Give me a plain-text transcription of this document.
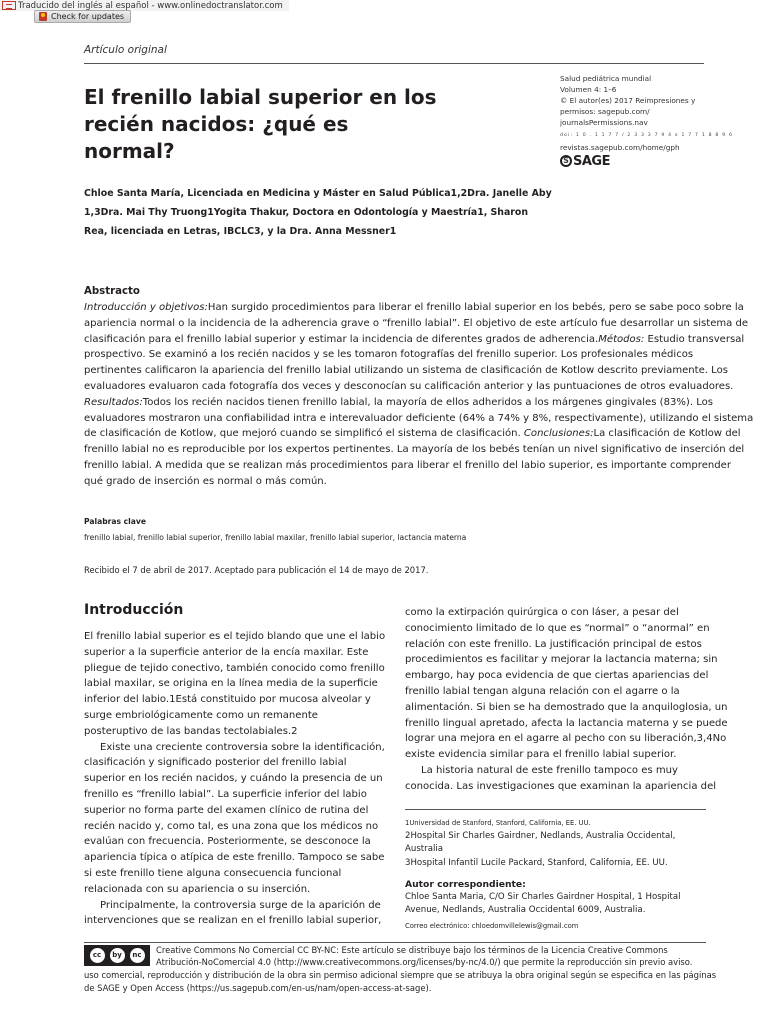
Traducido del inglés al español - www.onlinedoctranslator.com
Check for updates
Artículo original
El frenillo labial superior en los
recién nacidos: ¿qué es normal?
Salud pediátrica mundial
Volumen 4: 1–6
© El autor(es) 2017 Reimpresiones y
permisos: sagepub.com/
journalsPermissions.nav
doi: 1 0 . 1 1 7 7 / 2 3 3 3 7 9 4 x 1 7 7 1 8 8 9 6
revistas.sagepub.com/home/gph
S SAGE
Chloe Santa María, Licenciada en Medicina y Máster en Salud Pública1,2Dra. Janelle Aby
1,3Dra. Mai Thy Truong1Yogita Thakur, Doctora en Odontología y Maestría1, Sharon
Rea, licenciada en Letras, IBCLC3, y la Dra. Anna Messner1
Abstracto
Introducción y objetivos:Han surgido procedimientos para liberar el frenillo labial superior en los bebés, pero se sabe poco sobre la
apariencia normal o la incidencia de la adherencia grave o “frenillo labial”. El objetivo de este artículo fue desarrollar un sistema de
clasificación para el frenillo labial superior y estimar la incidencia de diferentes grados de adherencia.Métodos: Estudio transversal
prospectivo. Se examinó a los recién nacidos y se les tomaron fotografías del frenillo superior. Los profesionales médicos
pertinentes calificaron la apariencia del frenillo labial utilizando un sistema de clasificación de Kotlow descrito previamente. Los
evaluadores evaluaron cada fotografía dos veces y desconocían su calificación anterior y las puntuaciones de otros evaluadores.
Resultados:Todos los recién nacidos tienen frenillo labial, la mayoría de ellos adheridos a los márgenes gingivales (83%). Los
evaluadores mostraron una confiabilidad intra e interevaluador deficiente (64% a 74% y 8%, respectivamente), utilizando el sistema
de clasificación de Kotlow, que mejoró cuando se simplificó el sistema de clasificación. Conclusiones:La clasificación de Kotlow del
frenillo labial no es reproducible por los expertos pertinentes. La mayoría de los bebés tenían un nivel significativo de inserción del
frenillo labial. A medida que se realizan más procedimientos para liberar el frenillo del labio superior, es importante comprender
qué grado de inserción es normal o más común.
Palabras clave
frenillo labial, frenillo labial superior, frenillo labial maxilar, frenillo labial superior, lactancia materna
Recibido el 7 de abril de 2017. Aceptado para publicación el 14 de mayo de 2017.
Introducción
El frenillo labial superior es el tejido blando que une el labio
superior a la superficie anterior de la encía maxilar. Este
pliegue de tejido conectivo, también conocido como frenillo
labial maxilar, se origina en la línea media de la superficie
inferior del labio.1Está constituido por mucosa alveolar y
surge embriológicamente como un remanente
posteruptivo de las bandas tectolabiales.2
Existe una creciente controversia sobre la identificación,
clasificación y significado posterior del frenillo labial
superior en los recién nacidos, y cuándo la presencia de un
frenillo es “frenillo labial”. La superficie inferior del labio
superior no forma parte del examen clínico de rutina del
recién nacido y, como tal, es una zona que los médicos no
evalúan con frecuencia. Posteriormente, se desconoce la
apariencia típica o atípica de este frenillo. Tampoco se sabe
si este frenillo tiene alguna consecuencia funcional
relacionada con su apariencia o su inserción.
Principalmente, la controversia surge de la aparición de
intervenciones que se realizan en el frenillo labial superior,
como la extirpación quirúrgica o con láser, a pesar del
conocimiento limitado de lo que es “normal” o “anormal” en
relación con este frenillo. La justificación principal de estos
procedimientos es facilitar y mejorar la lactancia materna; sin
embargo, hay poca evidencia de que ciertas apariencias del
frenillo labial tengan alguna relación con el agarre o la
alimentación. Si bien se ha demostrado que la anquiloglosia, un
frenillo lingual apretado, afecta la lactancia materna y se puede
lograr una mejora en el agarre al pecho con su liberación,3,4No
existe evidencia similar para el frenillo labial superior.
La historia natural de este frenillo tampoco es muy
conocida. Las investigaciones que examinan la apariencia del
1Universidad de Stanford, Stanford, California, EE. UU.
2Hospital Sir Charles Gairdner, Nedlands, Australia Occidental,
Australia
3Hospital Infantil Lucile Packard, Stanford, California, EE. UU.
Autor correspondiente:
Chloe Santa Maria, C/O Sir Charles Gairdner Hospital, 1 Hospital
Avenue, Nedlands, Australia Occidental 6009, Australia.
Correo electrónico: chloedomvillelewis@gmail.com
cc	by	nc	Creative Commons No Comercial CC BY-NC: Este artículo se distribuye bajo los términos de la Licencia Creative Commons
Atribución-NoComercial 4.0 (http://www.creativecommons.org/licenses/by-nc/4.0/) que permite la reproducción sin previo aviso.
uso comercial, reproducción y distribución de la obra sin permiso adicional siempre que se atribuya la obra original según se especifica en las páginas
de SAGE y Open Access (https://us.sagepub.com/en-us/nam/open-access-at-sage).
